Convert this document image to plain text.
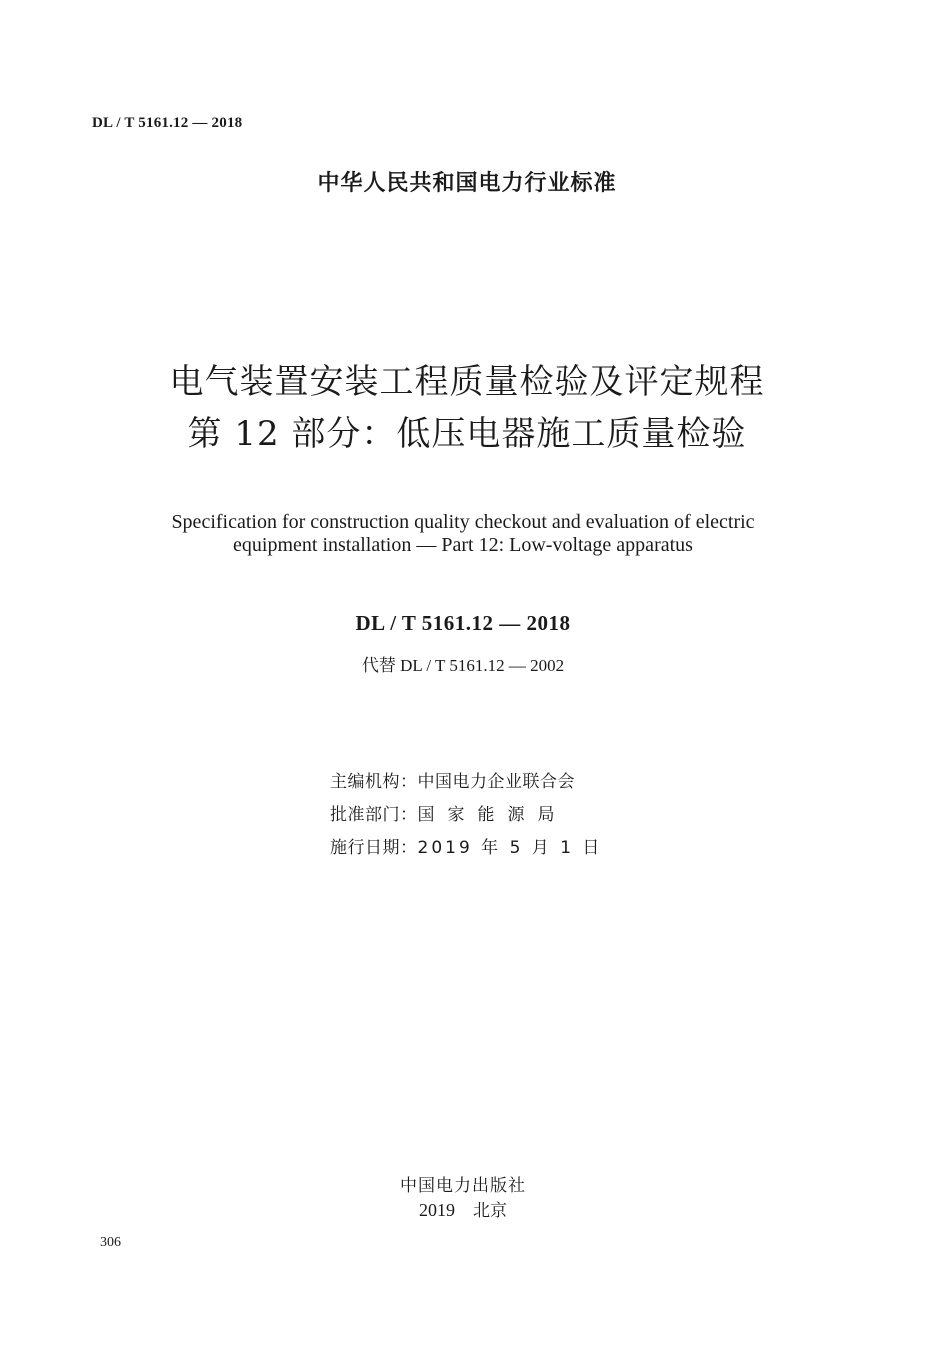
DL / T 5161.12 — 2018
中华人民共和国电力行业标准
电气装置安装工程质量检验及评定规程
第 12 部分：低压电器施工质量检验
Specification for construction quality checkout and evaluation of electric
equipment installation — Part 12: Low-voltage apparatus
DL / T 5161.12 — 2018
代替 DL / T 5161.12 — 2002
主编机构：中国电力企业联合会
批准部门：国家能源局
施行日期：2019 年 5 月 1 日
中国电力出版社
2019 北京
306
